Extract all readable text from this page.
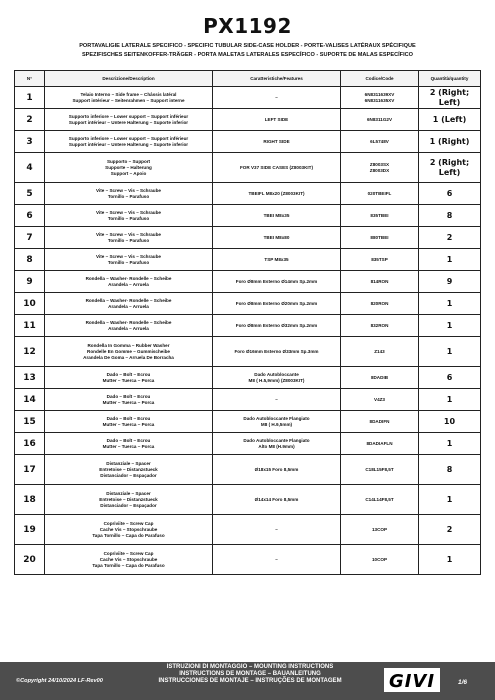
PX1192
PORTAVALIGIE LATERALE SPECIFICO - SPECIFIC TUBULAR SIDE-CASE HOLDER - PORTE-VALISES LATÉRAUX SPÉCIFIQUE
SPEZIFISCHES SEITENKOFFER-TRÄGER - PORTA MALETAS LATERALES ESPECÍFICO - SUPORTE DE MALAS ESPECÍFICO
N°	Descrizione/Description	Caratteristiche/Features	Codice/Code	Quantità/quantity
1	Telaio Interno – Side frame – Châssis latéral
Support intérieur – Seitenrahmen – Support interne	–	6N8311639XV
6N8311635XV	2 (Right; Left)
2	Supporto inferiore – Lower support – Support inférieur
Support intérieur – Untere Halterung – Suporte inferior	LEFT SIDE	6N8311G2V	1 (Left)
3	Supporto inferiore – Lower support – Support inférieur
Support intérieur – Untere Halterung – Suporte inferior	RIGHT SIDE	6L5748V	1 (Right)
4	Supporto – Support
Supporte – Halterung
Support – Apoio	FOR V37 SIDE CASES (Z8003KIT)	Z8003SX
Z8003DX	2 (Right; Left)
5	Vite – Screw – Vis – Schraube
Tornillo – Parafuso	TBEIFL M8x20 (Z8003KIT)	020TBEIFL	6
6	Vite – Screw – Vis – Schraube
Tornillo – Parafuso	TBEI M8x35	835TBEI	8
7	Vite – Screw – Vis – Schraube
Tornillo – Parafuso	TBEI M8x80	880TBEI	2
8	Vite – Screw – Vis – Schraube
Tornillo – Parafuso	TSP M8x35	835TSP	1
9	Rondella – Washer- Rondelle – Scheibe
Arandela – Arruela	Foro Ø8mm Esterno Ø14mm Sp.2mm	814RON	9
10	Rondella – Washer- Rondelle – Scheibe
Arandela – Arruela	Foro Ø8mm Esterno Ø20mm Sp.2mm	820RON	1
11	Rondella – Washer- Rondelle – Scheibe
Arandela – Arruela	Foro Ø8mm Esterno Ø32mm Sp.2mm	832RON	1
12	Rondella In Gomma – Rubber Washer
Rondelle En Gomme – Gummischeibe
Arandela De Goma – Arruela De Borracha	Foro Ø16mm Esterno Ø33mm Sp.3mm	Z143	1
13	Dado – Bolt – Ecrou
Mutter – Tuerca – Porca	Dado Autobloccante
M8 ( H.5,9mm) (Z8003KIT)	8DADIB	6
14	Dado – Bolt – Ecrou
Mutter – Tuerca – Porca	–	V4Z3	1
15	Dado – Bolt – Ecrou
Mutter – Tuerca – Porca	Dado Autobloccante Flangiato
M8 ( H.9,5mm)	8DADIFN	10
16	Dado – Bolt – Ecrou
Mutter – Tuerca – Porca	Dado Autobloccante Flangiato
Alto M8 (H.9mm)	8DADIAFLN	1
17	Distanziale – Spacer
Entretoise – Distanzstueck
Distanciador – Espaçador	Ø18x15 Foro 8,5mm	C18L15F8,5T	8
18	Distanziale – Spacer
Entretoise – Distanzstueck
Distanciador – Espaçador	Ø14x14 Foro 8,5mm	C14L14F8,5T	1
19	Copriviite – Screw Cap
Cache Vis – Stopschraube
Tapa Tornillo – Capa do Parafuso	–	13COP	2
20	Copriviite – Screw Cap
Cache Vis – Stopschraube
Tapa Tornillo – Capa do Parafuso	–	10COP	1
©Copyright 24/10/2024 LF-Rev00
ISTRUZIONI DI MONTAGGIO – MOUNTING INSTRUCTIONS
INSTRUCTIONS DE MONTAGE – BAUANLEITUNG
INSTRUCCIONES DE MONTAJE – INSTRUÇÕES DE MONTAGEM	GIVI	1/6
